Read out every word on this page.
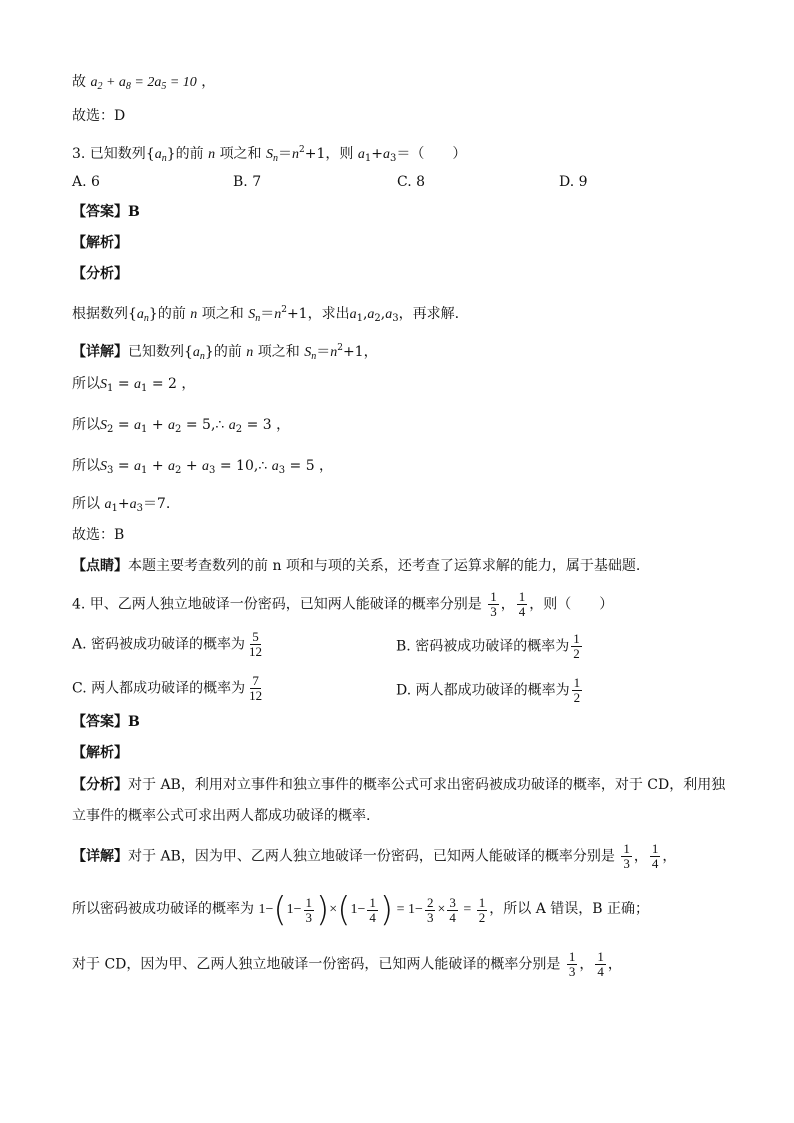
故 $a_2 + a_8 = 2a_5 = 10$ ，
故选：D
3. 已知数列$\{a_n\}$的前 n 项之和 $S_n=n^2+1$，则 $a_1+a_3=$（　　）
A. 6	B. 7	C. 8	D. 9
【答案】B
【解析】
【分析】
根据数列$\{a_n\}$的前 n 项之和 $S_n=n^2+1$，求出$a_1,a_2,a_3$，再求解.
【详解】已知数列$\{a_n\}$的前 n 项之和 $S_n=n^2+1$，
所以$S_1 = a_1 = 2$ ，
所以$S_2 = a_1 + a_2$ = 5,∴ $a_2 = 3$ ，
所以$S_3 = a_1 + a_2 + a_3$ = 10,∴ $a_3 = 5$ ，
所以 $a_1+a_3=7$.
故选：B
【点睛】本题主要考查数列的前 n 项和与项的关系，还考查了运算求解的能力，属于基础题.
4. 甲、乙两人独立地破译一份密码，已知两人能破译的概率分别是 $\frac{1}{3}$ ， $\frac{1}{4}$ ，则（　　）
A. 密码被成功破译的概率为 $\frac{5}{12}$	B. 密码被成功破译的概率为 $\frac{1}{2}$
C. 两人都成功破译的概率为 $\frac{7}{12}$	D. 两人都成功破译的概率为 $\frac{1}{2}$
【答案】B
【解析】
【分析】对于 AB，利用对立事件和独立事件的概率公式可求出密码被成功破译的概率，对于 CD，利用独
立事件的概率公式可求出两人都成功破译的概率.
【详解】对于 AB，因为甲、乙两人独立地破译一份密码，已知两人能破译的概率分别是 $\frac{1}{3}$ ， $\frac{1}{4}$ ，
所以密码被成功破译的概率为 $1-(1- \frac{1}{3} )\times(1- \frac{1}{4}$ ) = $1- \frac{2}{3} \times \frac{3}{4} = \frac{1}{2}$ ，所以 A 错误，B 正确；
对于 CD，因为甲、乙两人独立地破译一份密码，已知两人能破译的概率分别是 $\frac{1}{3}$ ， $\frac{1}{4}$ ，
